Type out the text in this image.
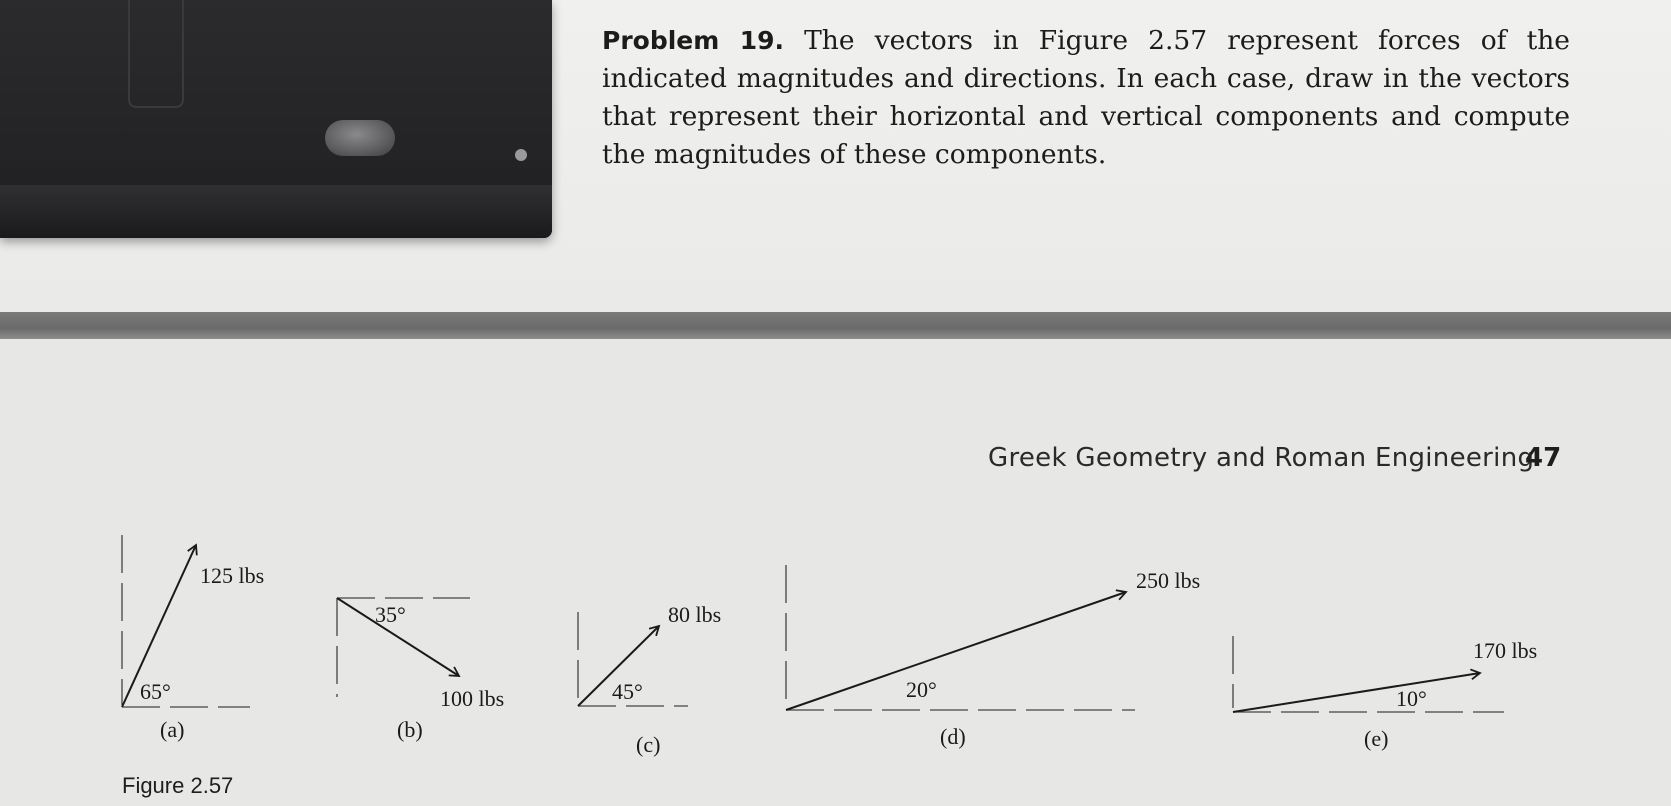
Problem 19. The vectors in Figure 2.57 represent forces of the indicated magnitudes and directions. In each case, draw in the vectors that represent their horizontal and vertical components and compute the magnitudes of these components.
Greek Geometry and Roman Engineering
47
125 lbs
65°
(a)
35°
100 lbs
(b)
80 lbs
45°
(c)
250 lbs
20°
(d)
170 lbs
10°
(e)
Figure 2.57
